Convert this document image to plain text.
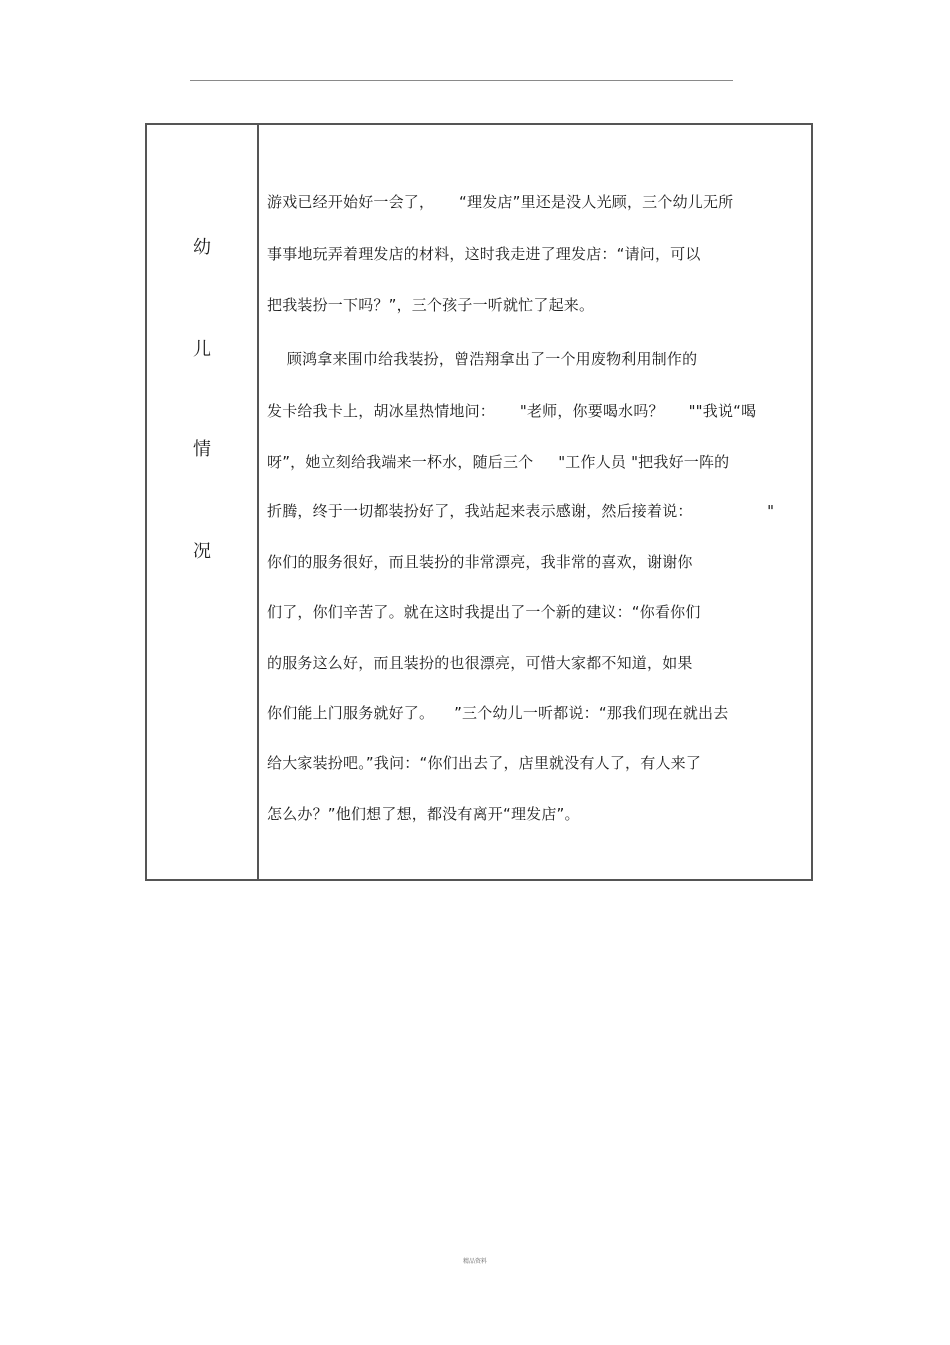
幼
儿
情
况
游戏已经开始好一会了，     “理发店”里还是没人光顾，三个幼儿无所
事事地玩弄着理发店的材料，这时我走进了理发店：“请问，可以
把我装扮一下吗？”，三个孩子一听就忙了起来。
顾鸿拿来围巾给我装扮，曾浩翔拿出了一个用废物利用制作的
发卡给我卡上，胡冰星热情地问：     "老师，你要喝水吗？     ""我说“喝
呀”，她立刻给我端来一杯水，随后三个     "工作人员 "把我好一阵的
折腾，终于一切都装扮好了，我站起来表示感谢，然后接着说：               "
你们的服务很好，而且装扮的非常漂亮，我非常的喜欢，谢谢你
们了，你们辛苦了。就在这时我提出了一个新的建议：“你看你们
的服务这么好，而且装扮的也很漂亮，可惜大家都不知道，如果
你们能上门服务就好了。    ”三个幼儿一听都说：“那我们现在就出去
给大家装扮吧。”我问：“你们出去了，店里就没有人了，有人来了
怎么办？”他们想了想，都没有离开“理发店”。
精品资料
